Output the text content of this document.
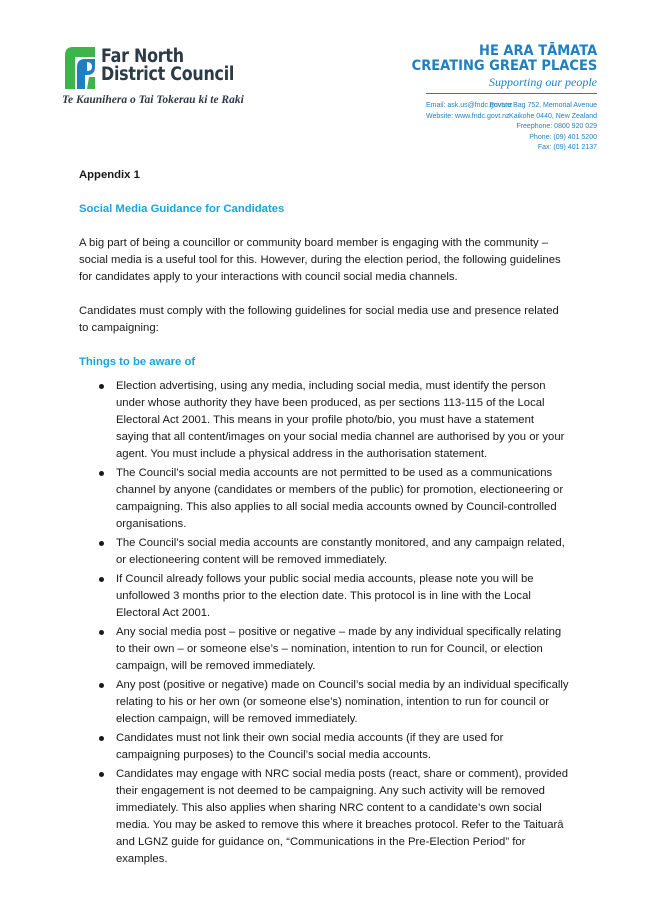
Far North
District Council
Te Kaunihera o Tai Tokerau ki te Raki
HE ARA TĀMATA
CREATING GREAT PLACES
Supporting our people
Email: ask.us@fndc.govt.nz
Website: www.fndc.govt.nz
Private Bag 752, Memorial Avenue
Kaikohe 0440, New Zealand
Freephone: 0800 920 029
Phone: (09) 401 5200
Fax: (09) 401 2137

Appendix 1

Social Media Guidance for Candidates

A big part of being a councillor or community board member is engaging with the community – social media is a useful tool for this. However, during the election period, the following guidelines for candidates apply to your interactions with council social media channels.

Candidates must comply with the following guidelines for social media use and presence related to campaigning:

Things to be aware of

Election advertising, using any media, including social media, must identify the person under whose authority they have been produced, as per sections 113-115 of the Local Electoral Act 2001. This means in your profile photo/bio, you must have a statement saying that all content/images on your social media channel are authorised by you or your agent. You must include a physical address in the authorisation statement.
The Council’s social media accounts are not permitted to be used as a communications channel by anyone (candidates or members of the public) for promotion, electioneering or campaigning. This also applies to all social media accounts owned by Council-controlled organisations.
The Council’s social media accounts are constantly monitored, and any campaign related, or electioneering content will be removed immediately.
If Council already follows your public social media accounts, please note you will be unfollowed 3 months prior to the election date. This protocol is in line with the Local Electoral Act 2001.
Any social media post – positive or negative – made by any individual specifically relating to their own – or someone else’s – nomination, intention to run for Council, or election campaign, will be removed immediately.
Any post (positive or negative) made on Council’s social media by an individual specifically relating to his or her own (or someone else’s) nomination, intention to run for council or election campaign, will be removed immediately.
Candidates must not link their own social media accounts (if they are used for campaigning purposes) to the Council’s social media accounts.
Candidates may engage with NRC social media posts (react, share or comment), provided their engagement is not deemed to be campaigning. Any such activity will be removed immediately. This also applies when sharing NRC content to a candidate’s own social media. You may be asked to remove this where it breaches protocol. Refer to the Taituarā and LGNZ guide for guidance on, “Communications in the Pre-Election Period” for examples.
